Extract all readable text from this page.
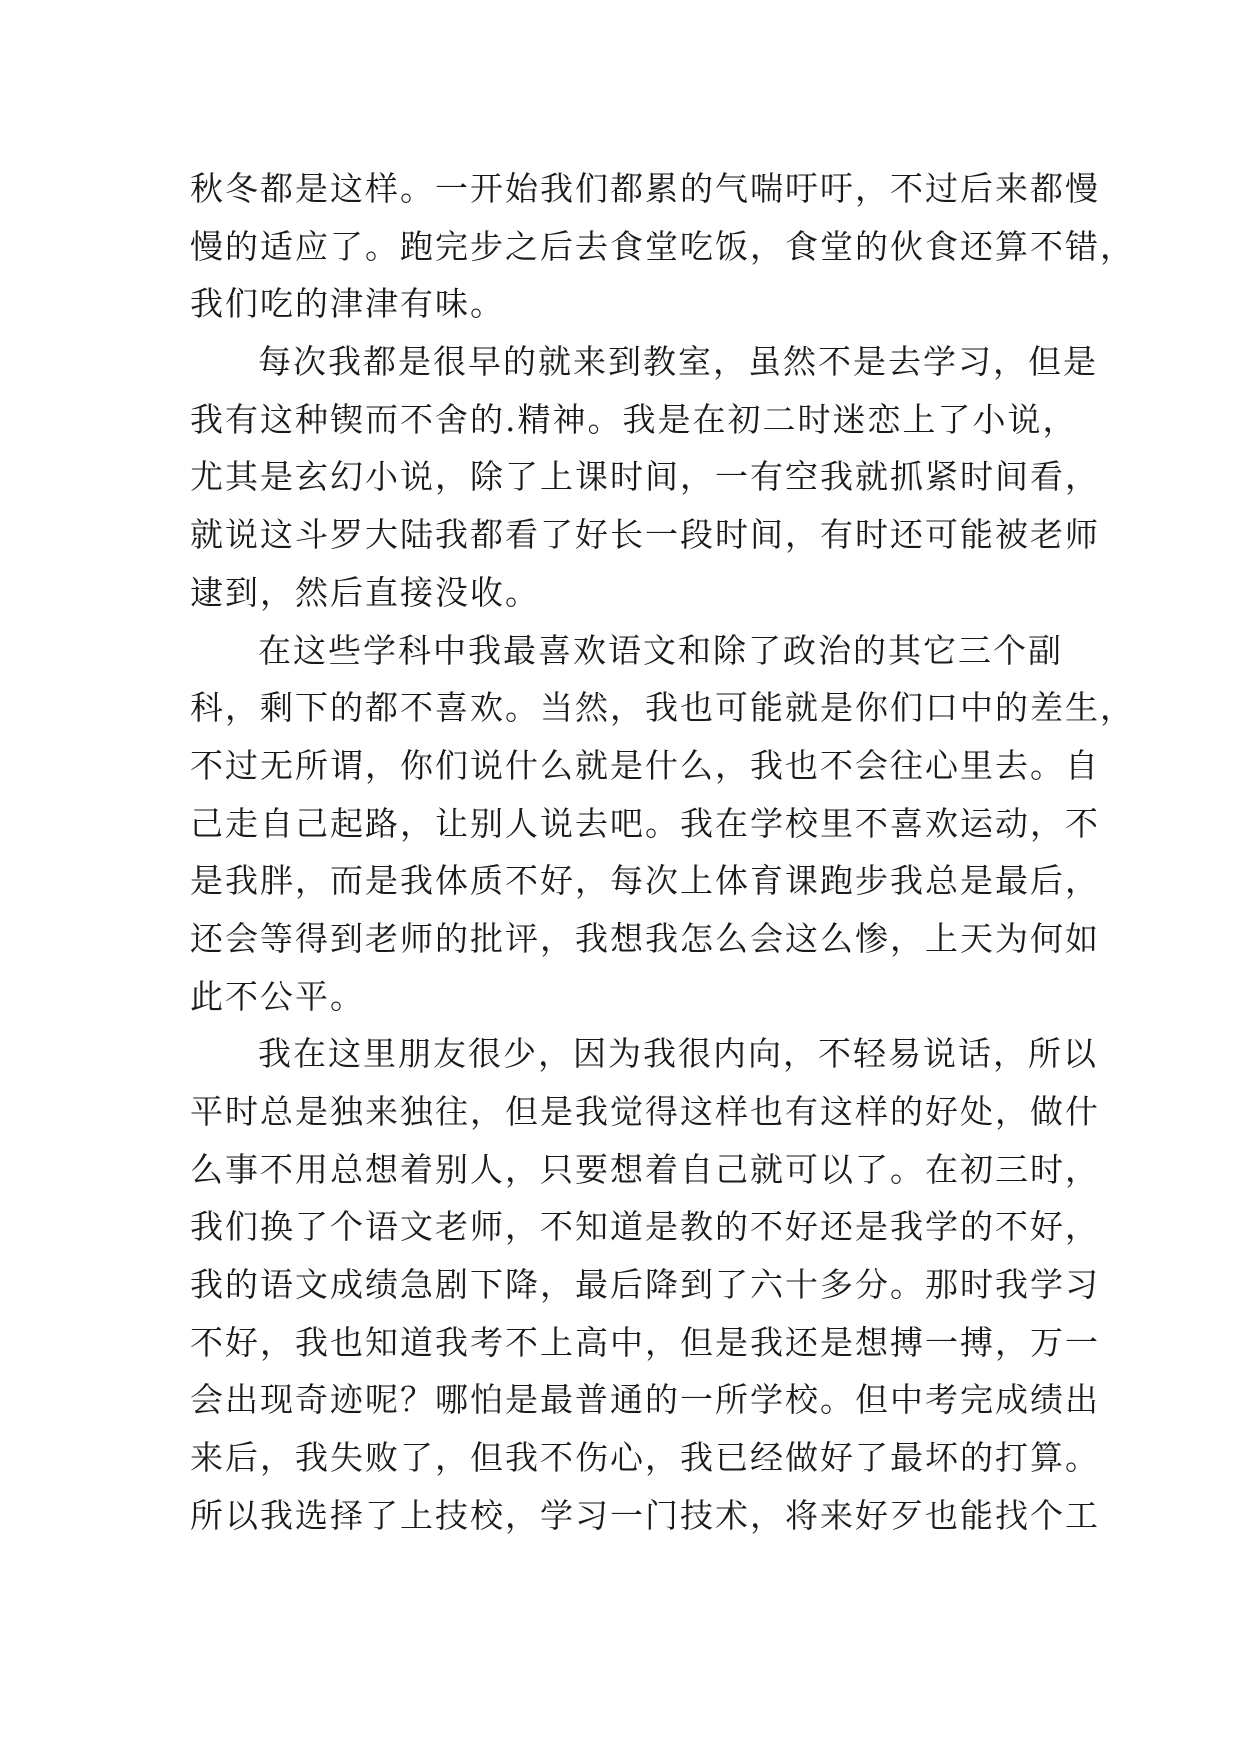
秋冬都是这样。一开始我们都累的气喘吁吁，不过后来都慢
慢的适应了。跑完步之后去食堂吃饭，食堂的伙食还算不错，
我们吃的津津有味。
每次我都是很早的就来到教室，虽然不是去学习，但是
我有这种锲而不舍的.精神。我是在初二时迷恋上了小说，
尤其是玄幻小说，除了上课时间，一有空我就抓紧时间看，
就说这斗罗大陆我都看了好长一段时间，有时还可能被老师
逮到，然后直接没收。
在这些学科中我最喜欢语文和除了政治的其它三个副
科，剩下的都不喜欢。当然，我也可能就是你们口中的差生，
不过无所谓，你们说什么就是什么，我也不会往心里去。自
己走自己起路，让别人说去吧。我在学校里不喜欢运动，不
是我胖，而是我体质不好，每次上体育课跑步我总是最后，
还会等得到老师的批评，我想我怎么会这么惨，上天为何如
此不公平。
我在这里朋友很少，因为我很内向，不轻易说话，所以
平时总是独来独往，但是我觉得这样也有这样的好处，做什
么事不用总想着别人，只要想着自己就可以了。在初三时，
我们换了个语文老师，不知道是教的不好还是我学的不好，
我的语文成绩急剧下降，最后降到了六十多分。那时我学习
不好，我也知道我考不上高中，但是我还是想搏一搏，万一
会出现奇迹呢？哪怕是最普通的一所学校。但中考完成绩出
来后，我失败了，但我不伤心，我已经做好了最坏的打算。
所以我选择了上技校，学习一门技术，将来好歹也能找个工
